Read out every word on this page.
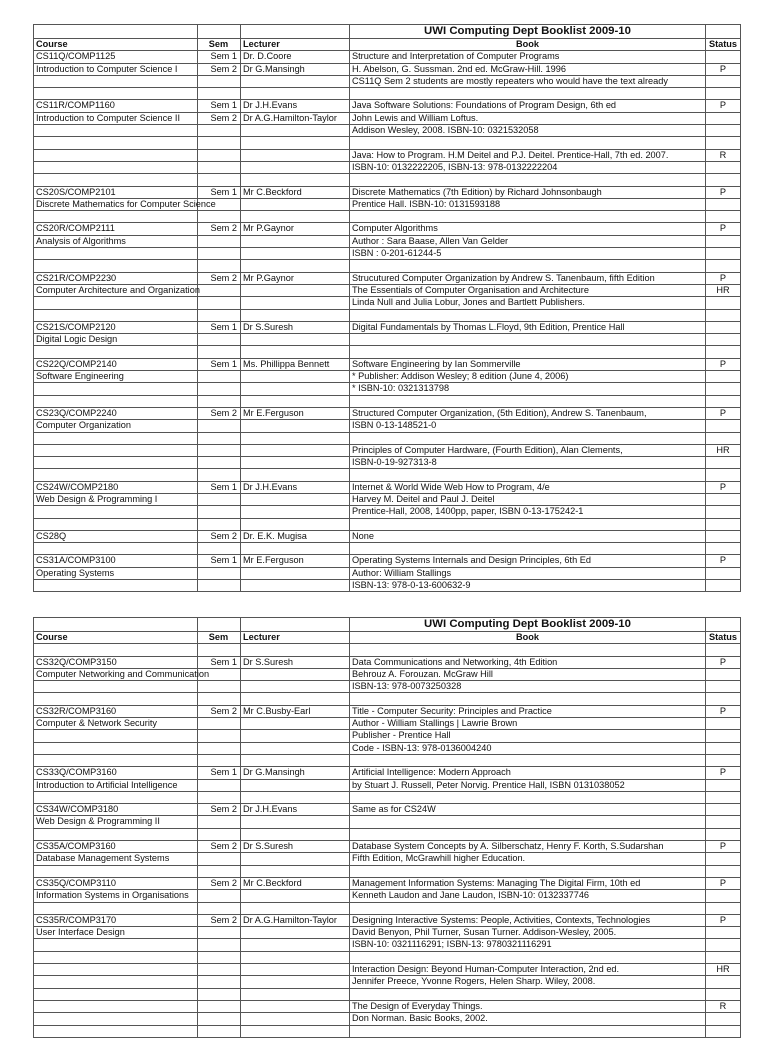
			UWI Computing Dept Booklist 2009-10	
Course	Sem	Lecturer	Book	Status
CS11Q/COMP1125	Sem 1	Dr. D.Coore	Structure and Interpretation of Computer Programs	
Introduction to Computer Science I	Sem 2	Dr G.Mansingh	H. Abelson, G. Sussman. 2nd ed. McGraw-Hill. 1996	P
			CS11Q Sem 2 students are mostly repeaters who would have the text already	

CS11R/COMP1160	Sem 1	Dr J.H.Evans	Java Software Solutions: Foundations of Program Design, 6th ed	P
Introduction to Computer Science II	Sem 2	Dr A.G.Hamilton-Taylor	John Lewis and William Loftus.	
			Addison Wesley, 2008. ISBN-10: 0321532058	

			Java: How to Program. H.M Deitel and P.J. Deitel. Prentice-Hall, 7th ed. 2007.	R
			ISBN-10: 0132222205, ISBN-13: 978-0132222204	

CS20S/COMP2101	Sem 1	Mr C.Beckford	Discrete Mathematics (7th Edition) by Richard Johnsonbaugh	P
Discrete Mathematics for Computer Science			Prentice Hall. ISBN-10: 0131593188	

CS20R/COMP2111	Sem 2	Mr P.Gaynor	Computer Algorithms	P
Analysis of Algorithms			Author : Sara Baase, Allen Van Gelder	
			ISBN : 0-201-61244-5	

CS21R/COMP2230	Sem 2	Mr P.Gaynor	Strucutured Computer Organization by Andrew S. Tanenbaum, fifth Edition	P
Computer Architecture and Organization			The Essentials of Computer Organisation and Architecture	HR
			Linda Null and Julia Lobur, Jones and Bartlett Publishers.	

CS21S/COMP2120	Sem 1	Dr S.Suresh	Digital Fundamentals by Thomas L.Floyd, 9th Edition, Prentice Hall	
Digital Logic Design				

CS22Q/COMP2140	Sem 1	Ms. Phillippa Bennett	Software Engineering by Ian Sommerville	P
Software Engineering			* Publisher: Addison Wesley; 8 edition (June 4, 2006)	
			* ISBN-10: 0321313798	

CS23Q/COMP2240	Sem 2	Mr E.Ferguson	Structured Computer Organization, (5th Edition), Andrew S. Tanenbaum,	P
Computer Organization			ISBN 0-13-148521-0	

			Principles of Computer Hardware, (Fourth Edition), Alan Clements,	HR
			ISBN-0-19-927313-8	

CS24W/COMP2180	Sem 1	Dr J.H.Evans	Internet & World Wide Web How to Program, 4/e	P
Web Design & Programming I			Harvey M. Deitel and Paul J. Deitel	
			Prentice-Hall, 2008, 1400pp, paper, ISBN 0-13-175242-1	

CS28Q	Sem 2	Dr. E.K. Mugisa	None	

CS31A/COMP3100	Sem 1	Mr E.Ferguson	Operating Systems Internals and Design Principles, 6th Ed	P
Operating Systems			Author: William Stallings	
			ISBN-13: 978-0-13-600632-9	
			UWI Computing Dept Booklist 2009-10	
Course	Sem	Lecturer	Book	Status

CS32Q/COMP3150	Sem 1	Dr S.Suresh	Data Communications and Networking, 4th Edition	P
Computer Networking and Communication			Behrouz A. Forouzan. McGraw Hill	
			ISBN-13: 978-0073250328	

CS32R/COMP3160	Sem 2	Mr C.Busby-Earl	Title - Computer Security: Principles and Practice	P
Computer & Network Security			Author - William Stallings | Lawrie Brown	
			Publisher - Prentice Hall	
			Code - ISBN-13: 978-0136004240	

CS33Q/COMP3160	Sem 1	Dr G.Mansingh	Artificial Intelligence: Modern Approach	P
Introduction to Artificial Intelligence			by Stuart J. Russell, Peter Norvig. Prentice Hall, ISBN 0131038052	

CS34W/COMP3180	Sem 2	Dr J.H.Evans	Same as for CS24W	
Web Design & Programming II				

CS35A/COMP3160	Sem 2	Dr S.Suresh	Database System Concepts by A. Silberschatz, Henry F. Korth, S.Sudarshan	P
Database Management Systems			Fifth Edition, McGrawhill higher Education.	

CS35Q/COMP3110	Sem 2	Mr C.Beckford	Management Information Systems: Managing The Digital Firm, 10th ed	P
Information Systems in Organisations			Kenneth Laudon and Jane Laudon, ISBN-10: 0132337746	

CS35R/COMP3170	Sem 2	Dr A.G.Hamilton-Taylor	Designing Interactive Systems: People, Activities, Contexts, Technologies	P
User Interface Design			David Benyon, Phil Turner, Susan Turner. Addison-Wesley, 2005.	
			ISBN-10: 0321116291; ISBN-13: 9780321116291	

			Interaction Design: Beyond Human-Computer Interaction, 2nd ed.	HR
			Jennifer Preece, Yvonne Rogers, Helen Sharp. Wiley, 2008.	

			The Design of Everyday Things.	R
			Don Norman. Basic Books, 2002.	
